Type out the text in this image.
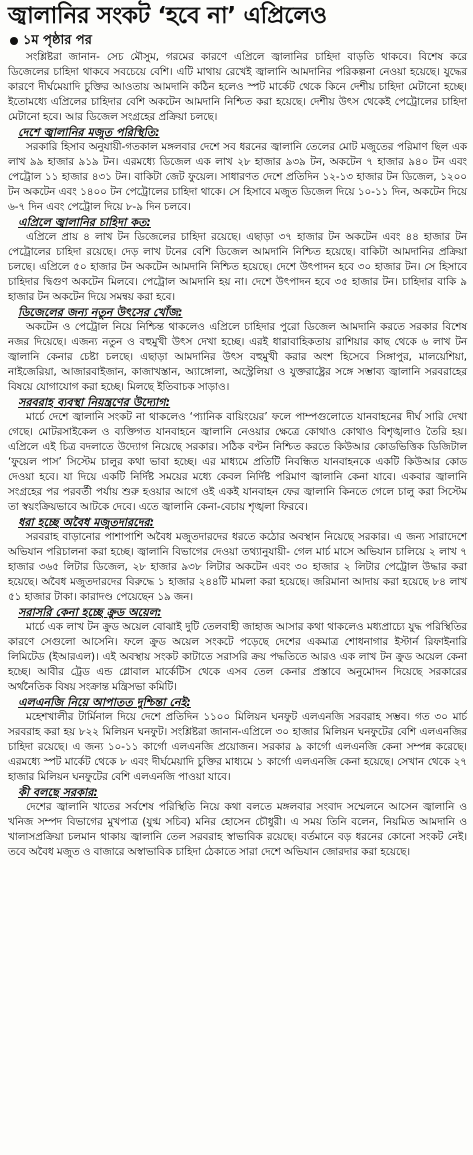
জ্বালানির সংকট ‘হবে না’ এপ্রিলেও
১ম পৃষ্ঠার পর

সংশ্লিষ্টরা জানান- সেচ মৌসুম, গরমের কারণে এপ্রিলে জ্বালানির চাহিদা বাড়তি থাকবে। বিশেষ করে ডিজেলের চাহিদা থাকবে সবচেয়ে বেশি। এটি মাথায় রেখেই জ্বালানি আমদানির পরিকল্পনা নেওয়া হয়েছে। যুদ্ধের কারণে দীর্ঘমেয়াদি চুক্তির আওতায় আমদানি কঠিন হলেও স্পট মার্কেট থেকে কিনে দেশীয় চাহিদা মেটানো হচ্ছে। ইতোমধ্যে এপ্রিলের চাহিদার বেশি অকটেন আমদানি নিশ্চিত করা হয়েছে। দেশীয় উৎস থেকেই পেট্রোলের চাহিদা মেটানো হবে। আর ডিজেল সংগ্রহের প্রক্রিয়া চলছে।

দেশে জ্বালানির মজুত পরিস্থিতি:

সরকারি হিসাব অনুযায়ী-গতকাল মঙ্গলবার দেশে সব ধরনের জ্বালানি তেলের মোট মজুতের পরিমাণ ছিল এক লাখ ৯৯ হাজার ৯১৯ টন। এরমধ্যে ডিজেল এক লাখ ২৮ হাজার ৯৩৯ টন, অকটেন ৭ হাজার ৯৪০ টন এবং পেট্রোল ১১ হাজার ৪৩১ টন। বাকিটা জেট ফুয়েল। সাধারণত দেশে প্রতিদিন ১২-১৩ হাজার টন ডিজেল, ১২০০ টন অকটেন এবং ১৪০০ টন পেট্রোলের চাহিদা থাকে। সে হিসাবে মজুত ডিজেল দিয়ে ১০-১১ দিন, অকটেন দিয়ে ৬-৭ দিন এবং পেট্রোল দিয়ে ৮-৯ দিন চলবে।

এপ্রিলে জ্বালানির চাহিদা কত:

এপ্রিলে প্রায় ৪ লাখ টন ডিজেলের চাহিদা রয়েছে। এছাড়া ৩৭ হাজার টন অকটেন এবং ৪৪ হাজার টন পেট্রোলের চাহিদা রয়েছে। দেড় লাখ টনের বেশি ডিজেল আমদানি নিশ্চিত হয়েছে। বাকিটা আমদানির প্রক্রিয়া চলছে। এপ্রিলে ৫০ হাজার টন অকটেন আমদানি নিশ্চিত হয়েছে। দেশে উৎপাদন হবে ৩০ হাজার টন। সে হিসাবে চাহিদার দ্বিগুণ অকটেন মিলবে। পেট্রোল আমদানি হয় না। দেশে উৎপাদন হবে ৩৫ হাজার টন। চাহিদার বাকি ৯ হাজার টন অকটেন দিয়ে সমন্বয় করা হবে।

ডিজেলের জন্য নতুন উৎসের খোঁজ:

অকটেন ও পেট্রোল নিয়ে নিশ্চিন্ত থাকলেও এপ্রিলে চাহিদার পুরো ডিজেল আমদানি করতে সরকার বিশেষ নজর দিয়েছে। এজন্য নতুন ও বহুমুখী উৎস দেখা হচ্ছে। এরই ধারাবাহিকতায় রাশিয়ার কাছ থেকে ৬ লাখ টন জ্বালানি কেনার চেষ্টা চলছে। এছাড়া আমদানির উৎস বহুমুখী করার অংশ হিসেবে সিঙ্গাপুর, মালয়েশিয়া, নাইজেরিয়া, আজারবাইজান, কাজাখস্তান, অ্যাঙ্গোলা, অস্ট্রেলিয়া ও যুক্তরাষ্ট্রের সঙ্গে সম্ভাব্য জ্বালানি সরবরাহের বিষয়ে যোগাযোগ করা হচ্ছে। মিলছে ইতিবাচক সাড়াও।

সরবরাহ ব্যবস্থা নিয়ন্ত্রণের উদ্যোগ:

মার্চে দেশে জ্বালানি সংকট না থাকলেও ‘প্যানিক বায়িংয়ের’ ফলে পাম্পগুলোতে যানবাহনের দীর্ঘ সারি দেখা গেছে। মোটরসাইকেল ও ব্যক্তিগত যানবাহনে জ্বালানি নেওয়ার ক্ষেত্রে কোথাও কোথাও বিশৃঙ্খলাও তৈরি হয়। এপ্রিলে এই চিত্র বদলাতে উদ্যোগ নিয়েছে সরকার। সঠিক বণ্টন নিশ্চিত করতে কিউআর কোডভিত্তিক ডিজিটাল ‘ফুয়েল পাস’ সিস্টেম চালুর কথা ভাবা হচ্ছে। এর মাধ্যমে প্রতিটি নিবন্ধিত যানবাহনকে একটি কিউআর কোড দেওয়া হবে। যা দিয়ে একটি নির্দিষ্ট সময়ের মধ্যে কেবল নির্দিষ্ট পরিমাণ জ্বালানি কেনা যাবে। একবার জ্বালানি সংগ্রহের পর পরবর্তী পর্যায় শুরু হওয়ার আগে ওই একই যানবাহন ফের জ্বালানি কিনতে গেলে চালু করা সিস্টেম তা স্বয়ংক্রিয়ভাবে আটকে দেবে। এতে জ্বালানি কেনা-বেচায় শৃঙ্খলা ফিরবে।

ধরা হচ্ছে অবৈধ মজুতদারদের:

সরবরাহ বাড়ানোর পাশাপাশি অবৈধ মজুতদারদের ধরতে কঠোর অবস্থান নিয়েছে সরকার। এ জন্য সারাদেশে অভিযান পরিচালনা করা হচ্ছে। জ্বালানি বিভাগের দেওয়া তথ্যানুযায়ী- গেল মার্চ মাসে অভিযান চালিয়ে ২ লাখ ৭ হাজার ৩৬৫ লিটার ডিজেল, ২৮ হাজার ৯৩৮ লিটার অকটেন এবং ৩০ হাজার ২ লিটার পেট্রোল উদ্ধার করা হয়েছে। অবৈধ মজুতদারদের বিরুদ্ধে ১ হাজার ২৪৪টি মামলা করা হয়েছে। জরিমানা আদায় করা হয়েছে ৮৪ লাখ ৫১ হাজার টাকা। কারাদণ্ড পেয়েছেন ১৯ জন।

সরাসরি কেনা হচ্ছে ক্রুড অয়েল:

মার্চে এক লাখ টন ক্রুড অয়েল বোঝাই দুটি তেলবাহী জাহাজ আসার কথা থাকলেও মধ্যপ্রাচ্যে যুদ্ধ পরিস্থিতির কারণে সেগুলো আসেনি। ফলে ক্রুড অয়েল সংকটে পড়েছে দেশের একমাত্র শোধনাগার ইস্টার্ন রিফাইনারি লিমিটেড (ইআরএল)। এই অবস্থায় সংকট কাটাতে সরাসরি ক্রয় পদ্ধতিতে আরও এক লাখ টন ক্রুড অয়েল কেনা হচ্ছে। আবীর ট্রেড এন্ড গ্লোবাল মার্কেটিস থেকে এসব তেল কেনার প্রস্তাবে অনুমোদন দিয়েছে সরকারের অর্থনৈতিক বিষয় সংক্রান্ত মন্ত্রিসভা কমিটি।

এলএনজি নিয়ে আপাতত দুশ্চিন্তা নেই:

মহেশখালীর টার্মিনাল দিয়ে দেশে প্রতিদিন ১১০০ মিলিয়ন ঘনফুট এলএনজি সরবরাহ সম্ভব। গত ৩০ মার্চ সরবরাহ করা হয় ৮২২ মিলিয়ন ঘনফুট। সংশ্লিষ্টরা জানান-এপ্রিলে ৩০ হাজার মিলিয়ন ঘনফুটের বেশি এলএনজির চাহিদা রয়েছে। এ জন্য ১০-১১ কার্গো এলএনজি প্রয়োজন। সরকার ৯ কার্গো এলএনজি কেনা সম্পন্ন করেছে। এরমধ্যে স্পট মার্কেট থেকে ৮ এবং দীর্ঘমেয়াদি চুক্তির মাধ্যমে ১ কার্গো এলএনজি কেনা হয়েছে। সেখান থেকে ২৭ হাজার মিলিয়ন ঘনফুটের বেশি এলএনজি পাওয়া যাবে।

কী বলছে সরকার:

দেশের জ্বালানি খাতের সর্বশেষ পরিস্থিতি নিয়ে কথা বলতে মঙ্গলবার সংবাদ সম্মেলনে আসেন জ্বালানি ও খনিজ সম্পদ বিভাগের মুখপাত্র (যুগ্ম সচিব) মনির হোসেন চৌধুরী। এ সময় তিনি বলেন, নিয়মিত আমদানি ও খালাসপ্রক্রিয়া চলমান থাকায় জ্বালানি তেল সরবরাহ স্বাভাবিক রয়েছে। বর্তমানে বড় ধরনের কোনো সংকট নেই। তবে অবৈধ মজুত ও বাজারে অস্বাভাবিক চাহিদা ঠেকাতে সারা দেশে অভিযান জোরদার করা হয়েছে।
